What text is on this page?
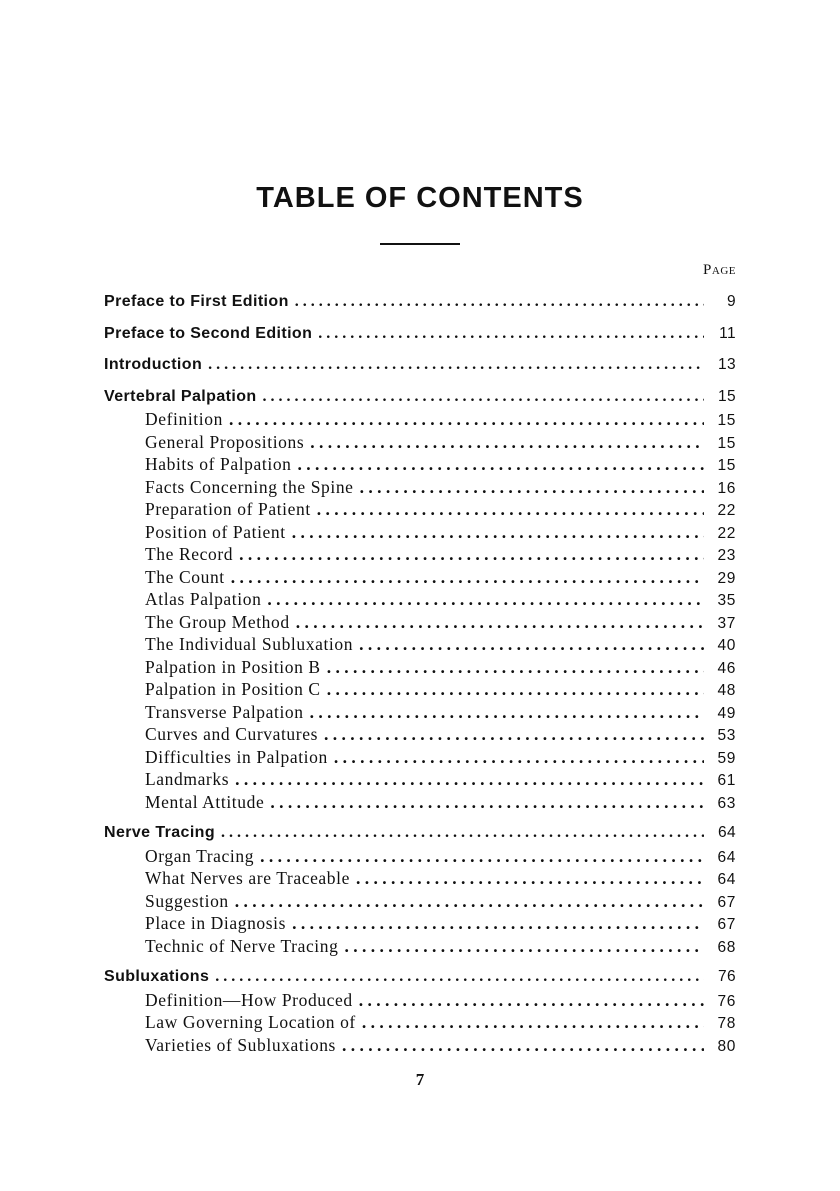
TABLE OF CONTENTS
Page
Preface to First Edition . . .	9
Preface to Second Edition . . .	11
Introduction . . .	13
Vertebral Palpation . . .	15
Definition . . .	15
General Propositions . . .	15
Habits of Palpation . . .	15
Facts Concerning the Spine . . .	16
Preparation of Patient . . .	22
Position of Patient . . .	22
The Record . . .	23
The Count . . .	29
Atlas Palpation . . .	35
The Group Method . . .	37
The Individual Subluxation . . .	40
Palpation in Position B . . .	46
Palpation in Position C . . .	48
Transverse Palpation . . .	49
Curves and Curvatures . . .	53
Difficulties in Palpation . . .	59
Landmarks . . .	61
Mental Attitude . . .	63
Nerve Tracing . . .	64
Organ Tracing . . .	64
What Nerves are Traceable . . .	64
Suggestion . . .	67
Place in Diagnosis . . .	67
Technic of Nerve Tracing . . .	68
Subluxations . . .	76
Definition—How Produced . . .	76
Law Governing Location of . . .	78
Varieties of Subluxations . . .	80
7
